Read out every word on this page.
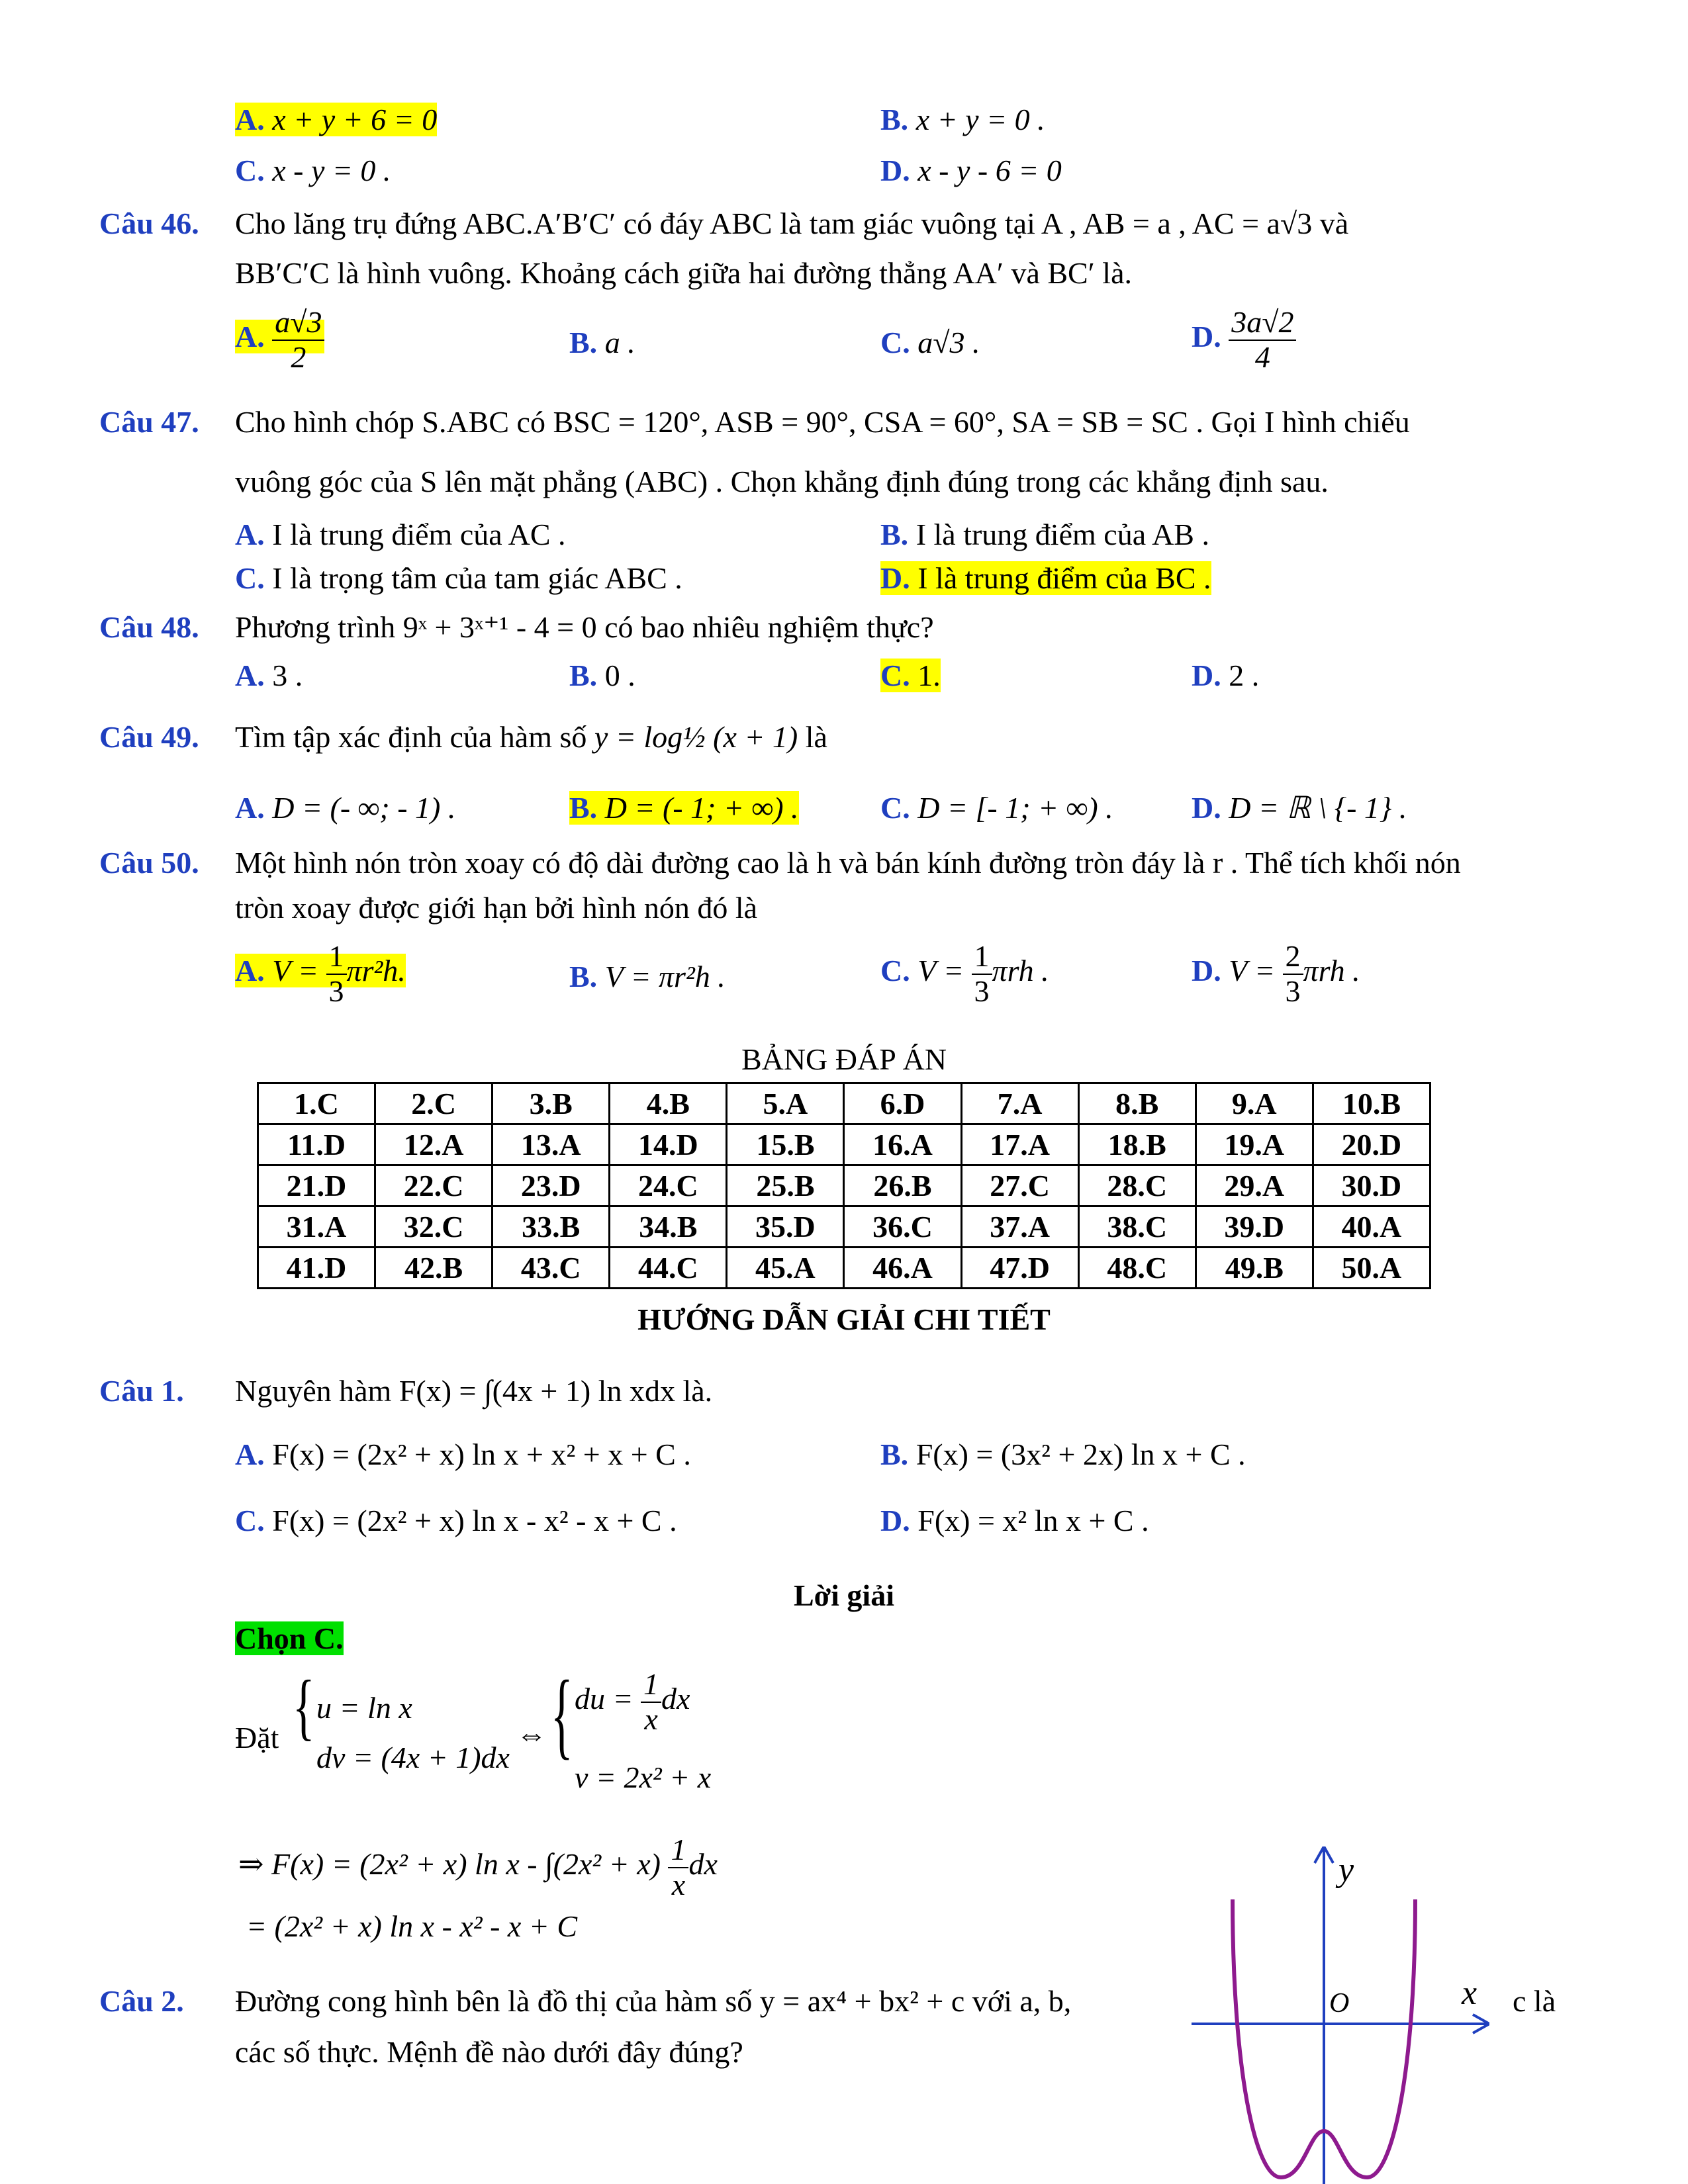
A. x + y + 6 = 0	B. x + y = 0 .
C. x - y = 0 .	D. x - y - 6 = 0
Câu 46. Cho lăng trụ đứng ABC.A′B′C′ có đáy ABC là tam giác vuông tại A , AB = a , AC = a√3 và
BB′C′C là hình vuông. Khoảng cách giữa hai đường thẳng AA′ và BC′ là.
A. $\frac{a√3}{2}$	B. a .	C. a√3 .	D. $\frac{3a√2}{4}$
Câu 47. Cho hình chóp S.ABC có BSC = 120°, ASB = 90°, CSA = 60°, SA = SB = SC . Gọi I hình chiếu
vuông góc của S lên mặt phẳng (ABC) . Chọn khẳng định đúng trong các khẳng định sau.
A. I là trung điểm của AC .	B. I là trung điểm của AB .
C. I là trọng tâm của tam giác ABC .	D. I là trung điểm của BC .
Câu 48. Phương trình 9ˣ + 3ˣ⁺¹ - 4 = 0 có bao nhiêu nghiệm thực?
A. 3 .	B. 0 .	C. 1.	D. 2 .
Câu 49. Tìm tập xác định của hàm số y = log½ (x + 1) là
A. D = (- ∞; - 1) .	B. D = (- 1; + ∞) .	C. D = [- 1; + ∞) .	D. D = ℝ \ {- 1} .
Câu 50. Một hình nón tròn xoay có độ dài đường cao là h và bán kính đường tròn đáy là r . Thể tích khối nón
tròn xoay được giới hạn bởi hình nón đó là
A. $V = \frac{1}{3} \pi r^2h$.	B. V = πr²h .	C. $V = \frac{1}{3}$ πrh .	D. $V = \frac{2}{3}$ πrh .
BẢNG ĐÁP ÁN
1.C	2.C	3.B	4.B	5.A	6.D	7.A	8.B	9.A	10.B
11.D	12.A	13.A	14.D	15.B	16.A	17.A	18.B	19.A	20.D
21.D	22.C	23.D	24.C	25.B	26.B	27.C	28.C	29.A	30.D
31.A	32.C	33.B	34.B	35.D	36.C	37.A	38.C	39.D	40.A
41.D	42.B	43.C	44.C	45.A	46.A	47.D	48.C	49.B	50.A
HƯỚNG DẪN GIẢI CHI TIẾT
Câu 1. Nguyên hàm F(x) = ∫(4x + 1) ln xdx là.
A. F(x) = (2x² + x) ln x + x² + x + C .	B. F(x) = (3x² + 2x) ln x + C .
C. F(x) = (2x² + x) ln x - x² - x + C .	D. F(x) = x² ln x + C .
Lời giải
Chọn C.
Đặt { u = ln x
dv = (4x + 1)dx
⇔ { du = $\frac{1}{x}$ dx
v = 2x² + x
⇒ F(x) = (2x² + x) $\ln x - \int(2x^2 + x) \frac{1}{x}$ dx
= (2x² + x) ln x - x² - x + C
Câu 2. Đường cong hình bên là đồ thị của hàm số y = ax⁴ + bx² + c với a, b,	c là
các số thực. Mệnh đề nào dưới đây đúng?
y
x
O
